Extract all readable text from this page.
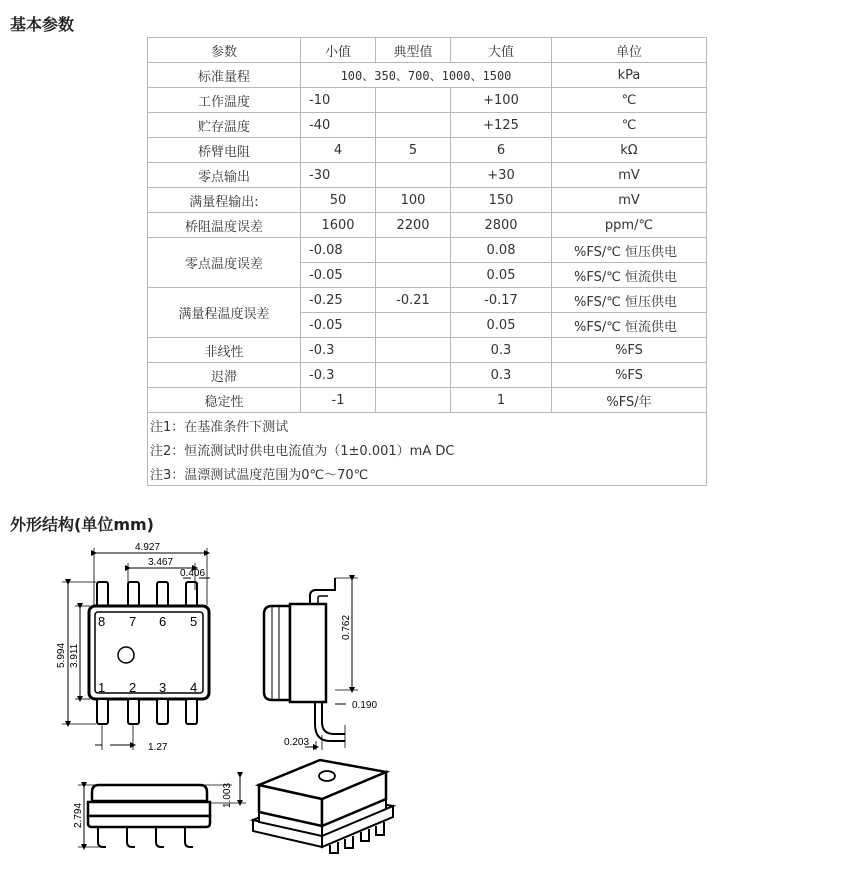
基本参数
参数	小值	典型值	大值	单位
标准量程	100、350、700、1000、1500			kPa
工作温度	-10		+100	℃
贮存温度	-40		+125	℃
桥臂电阻	4	5	6	kΩ
零点输出	-30		+30	mV
满量程输出:	50	100	150	mV
桥阻温度误差	1600	2200	2800	ppm/℃
零点温度误差	-0.08		0.08	%FS/℃ 恒压供电
	-0.05		0.05	%FS/℃ 恒流供电
满量程温度误差	-0.25	-0.21	-0.17	%FS/℃ 恒压供电
	-0.05		0.05	%FS/℃ 恒流供电
非线性	-0.3		0.3	%FS
迟滞	-0.3		0.3	%FS
稳定性	-1		1	%FS/年
注1：在基准条件下测试				
注2：恒流测试时供电电流值为（1±0.001）mA DC				
注3：温漂测试温度范围为0℃～70℃				
外形结构(单位mm)
4.927
3.467
0.406
5.994 3.911
1.27
8 7 6 5
1 2 3 4
0.762
0.190
0.203
2.794
1.003
